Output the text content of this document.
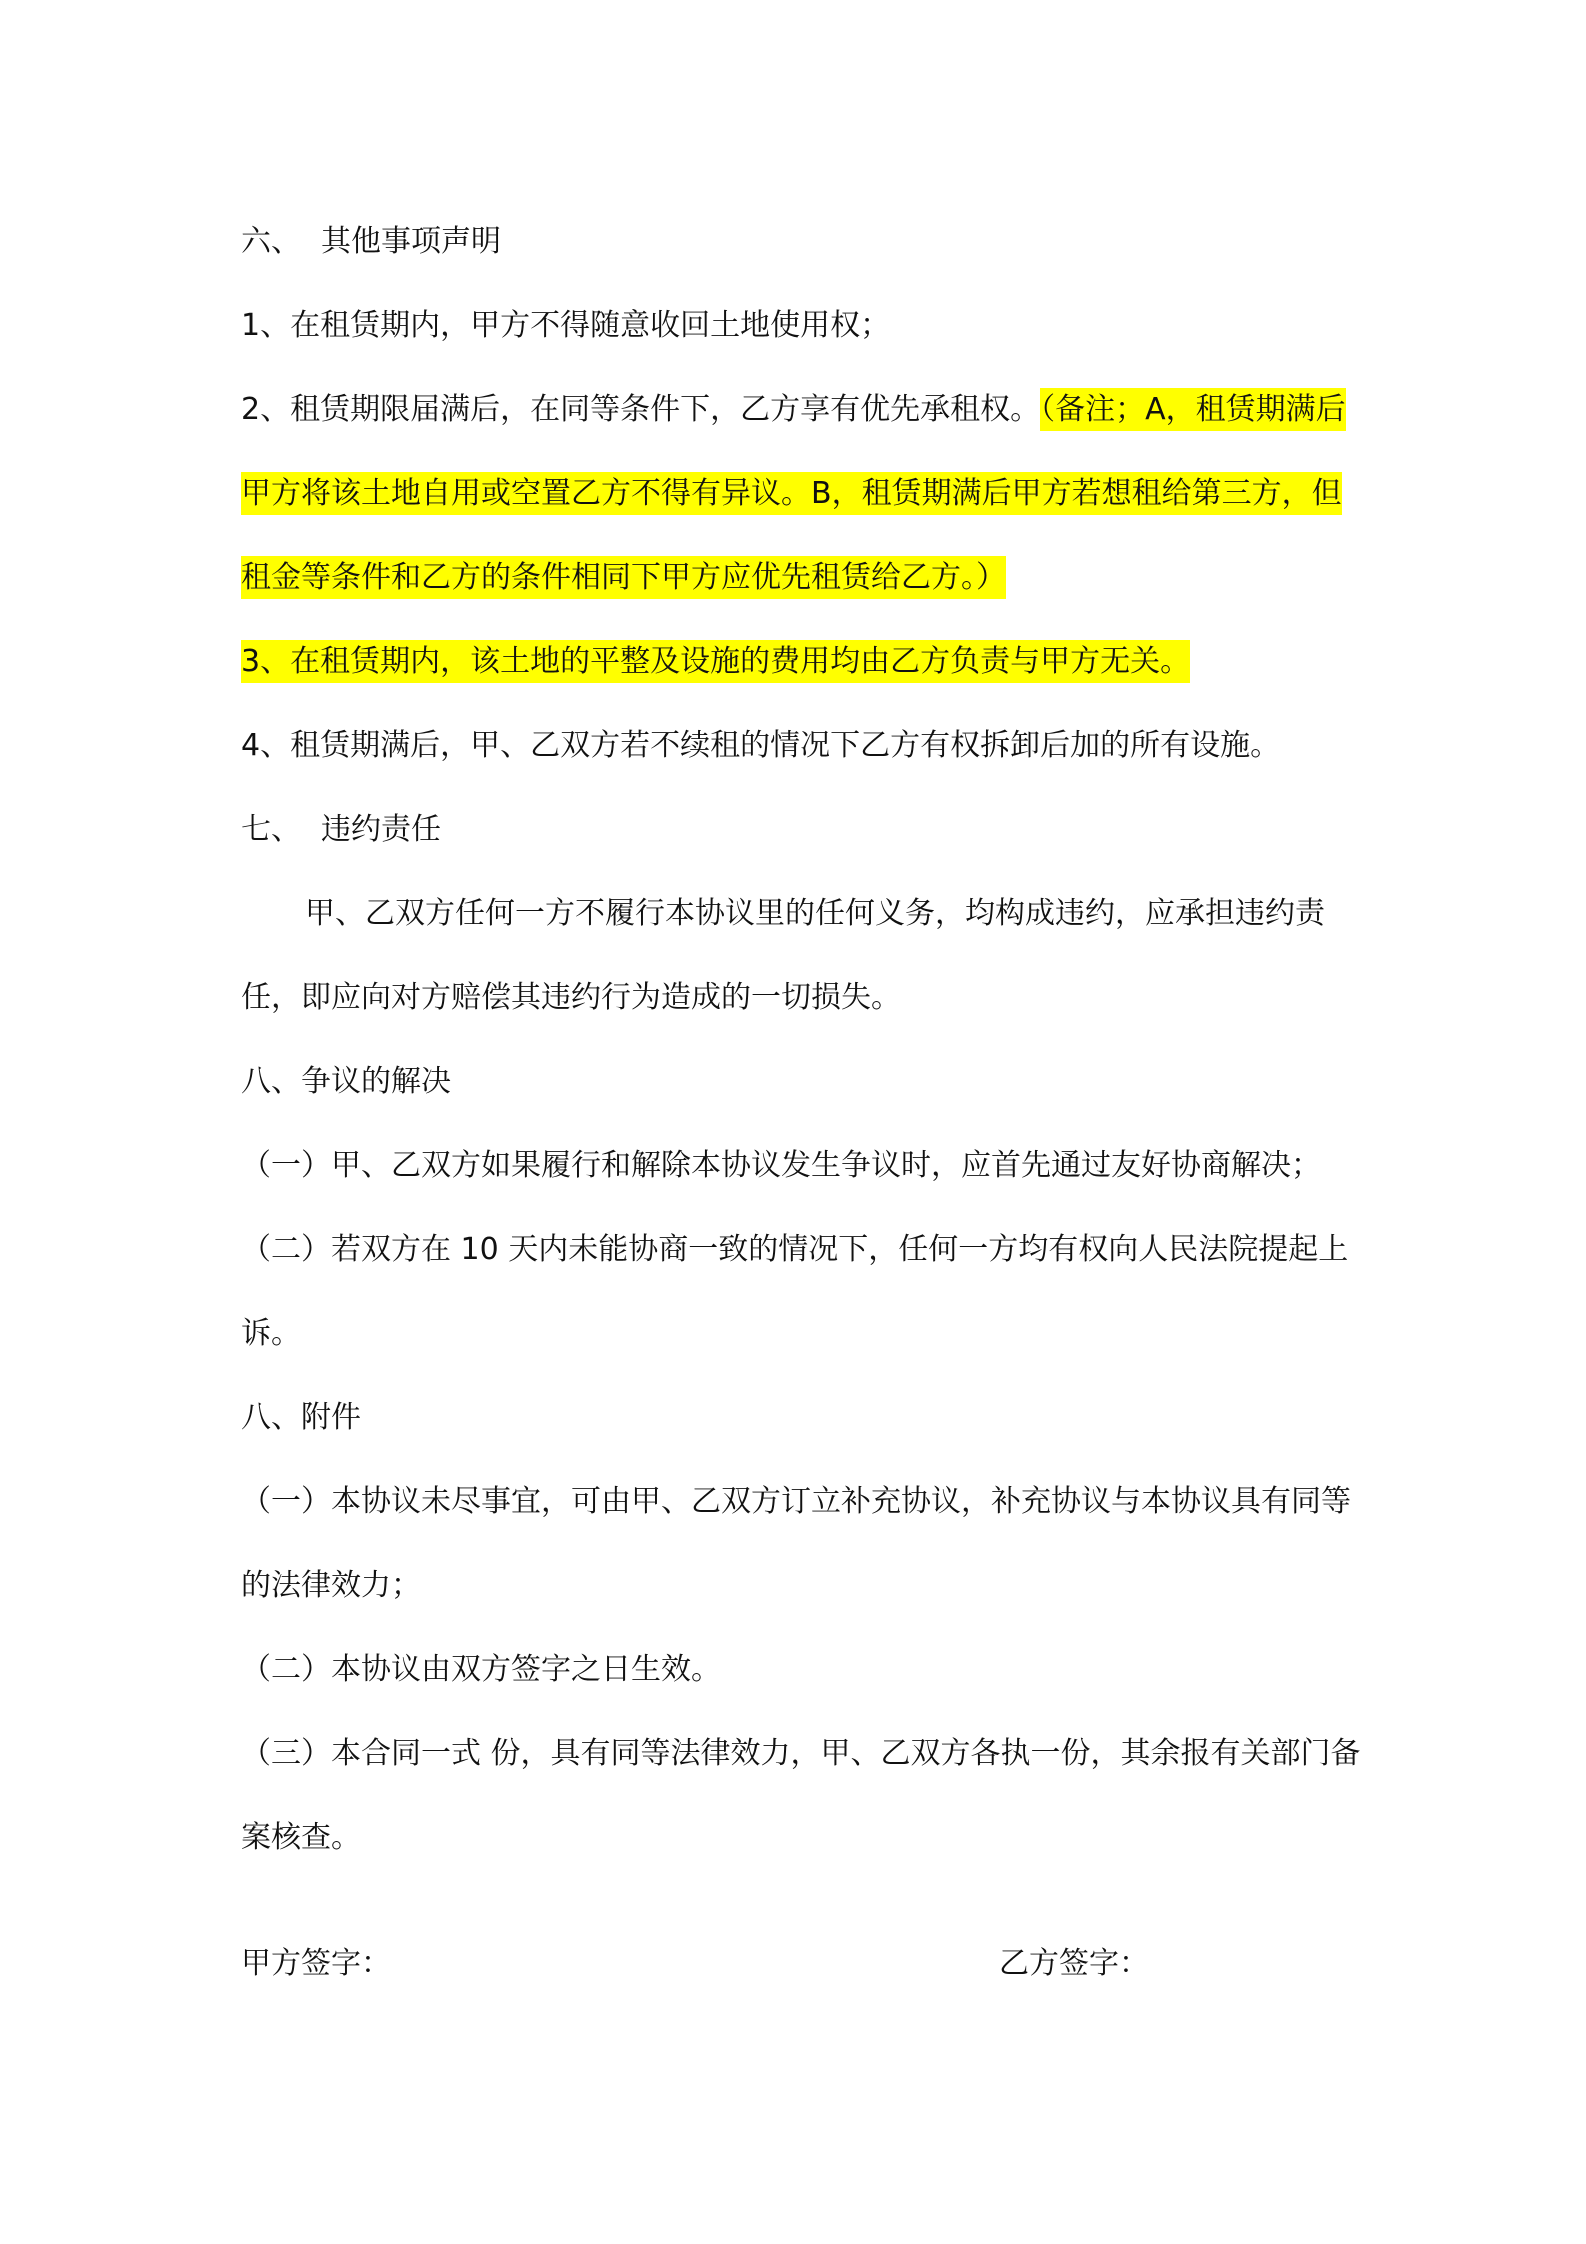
六、 其他事项声明

1、在租赁期内，甲方不得随意收回土地使用权；

2、租赁期限届满后，在同等条件下，乙方享有优先承租权。（备注；A，租赁期满后甲方将该土地自用或空置乙方不得有异议。B，租赁期满后甲方若想租给第三方，但租金等条件和乙方的条件相同下甲方应优先租赁给乙方。）

3、在租赁期内，该土地的平整及设施的费用均由乙方负责与甲方无关。

4、租赁期满后，甲、乙双方若不续租的情况下乙方有权拆卸后加的所有设施。

七、 违约责任

甲、乙双方任何一方不履行本协议里的任何义务，均构成违约，应承担违约责任，即应向对方赔偿其违约行为造成的一切损失。

八、争议的解决

（一）甲、乙双方如果履行和解除本协议发生争议时，应首先通过友好协商解决；

（二）若双方在 10 天内未能协商一致的情况下，任何一方均有权向人民法院提起上诉。

八、附件

（一）本协议未尽事宜，可由甲、乙双方订立补充协议，补充协议与本协议具有同等的法律效力；

（二）本协议由双方签字之日生效。

（三）本合同一式 份，具有同等法律效力，甲、乙双方各执一份，其余报有关部门备案核查。

甲方签字：	乙方签字：
